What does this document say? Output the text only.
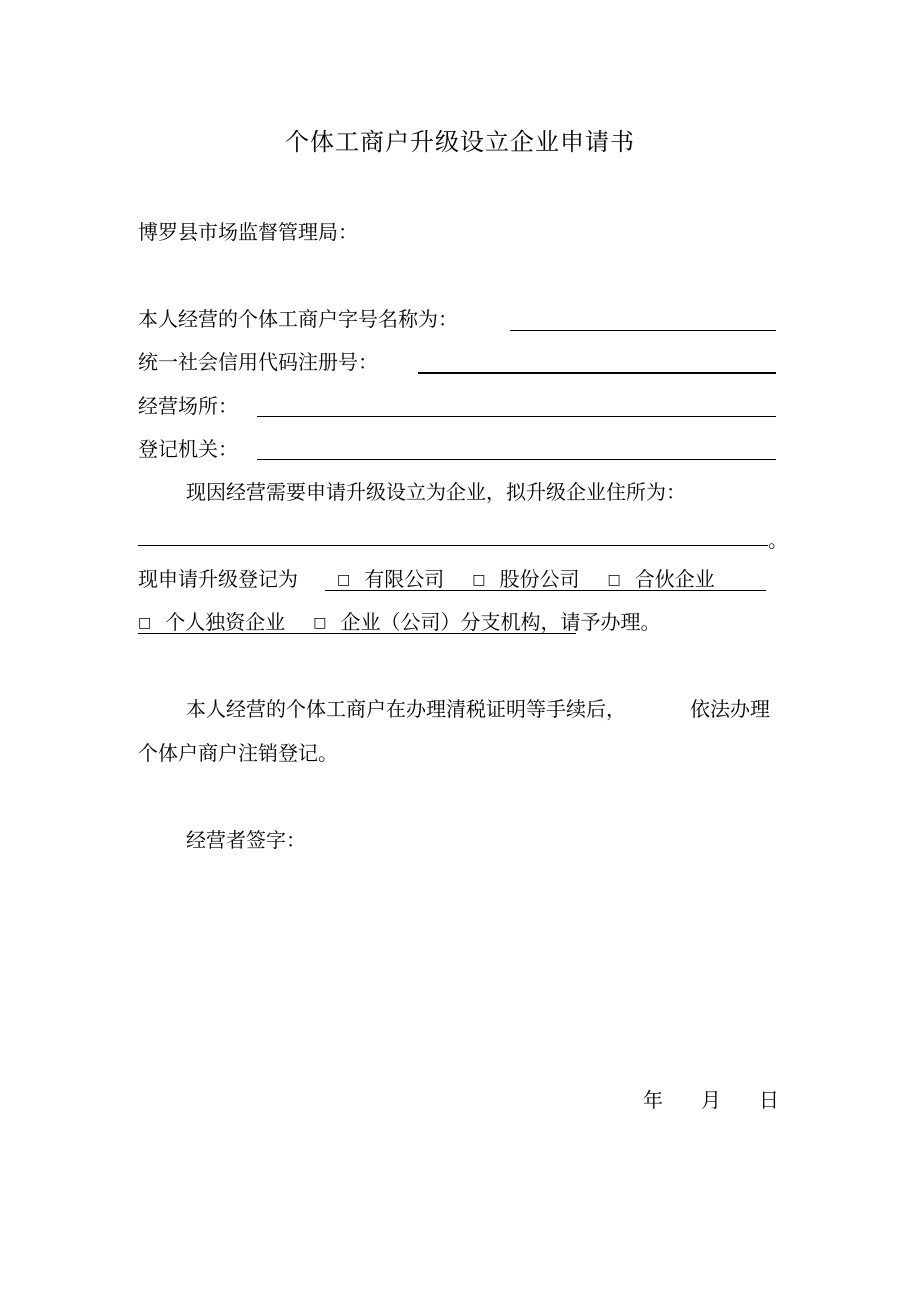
个体工商户升级设立企业申请书
博罗县市场监督管理局：
本人经营的个体工商户字号名称为：
统一社会信用代码注册号：
经营场所：
登记机关：
现因经营需要申请升级设立为企业，拟升级企业住所为：
。
现申请升级登记为	□ 有限公司 □ 股份公司 □ 合伙企业
□ 个人独资企业 □ 企业（公司）分支机构，请予办理。
本人经营的个体工商户在办理清税证明等手续后，	依法办理
个体户商户注销登记。
经营者签字：
年 月 日
